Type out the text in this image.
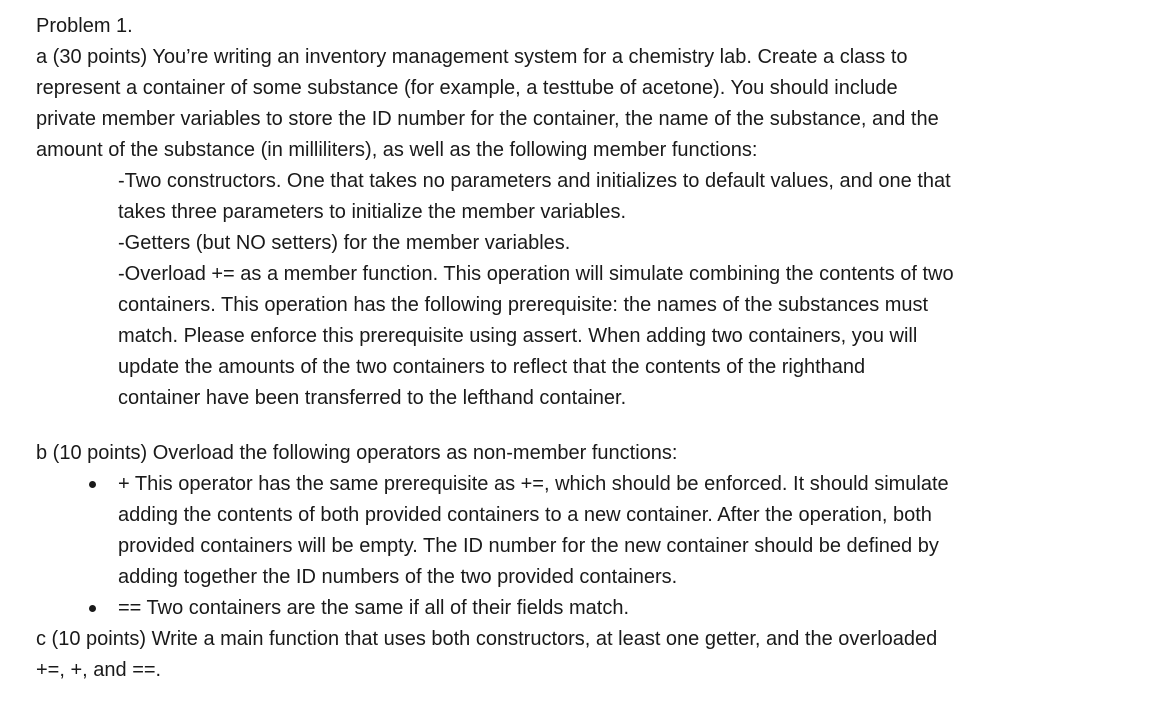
Problem 1.
a (30 points) You’re writing an inventory management system for a chemistry lab. Create a class to
represent a container of some substance (for example, a testtube of acetone). You should include
private member variables to store the ID number for the container, the name of the substance, and the
amount of the substance (in milliliters), as well as the following member functions:
-Two constructors. One that takes no parameters and initializes to default values, and one that
takes three parameters to initialize the member variables.
-Getters (but NO setters) for the member variables.
-Overload += as a member function. This operation will simulate combining the contents of two
containers. This operation has the following prerequisite: the names of the substances must
match. Please enforce this prerequisite using assert. When adding two containers, you will
update the amounts of the two containers to reflect that the contents of the righthand
container have been transferred to the lefthand container.
b (10 points) Overload the following operators as non-member functions:
+ This operator has the same prerequisite as +=, which should be enforced. It should simulate
adding the contents of both provided containers to a new container. After the operation, both
provided containers will be empty. The ID number for the new container should be defined by
adding together the ID numbers of the two provided containers.
== Two containers are the same if all of their fields match.
c (10 points) Write a main function that uses both constructors, at least one getter, and the overloaded
+=, +, and ==.
